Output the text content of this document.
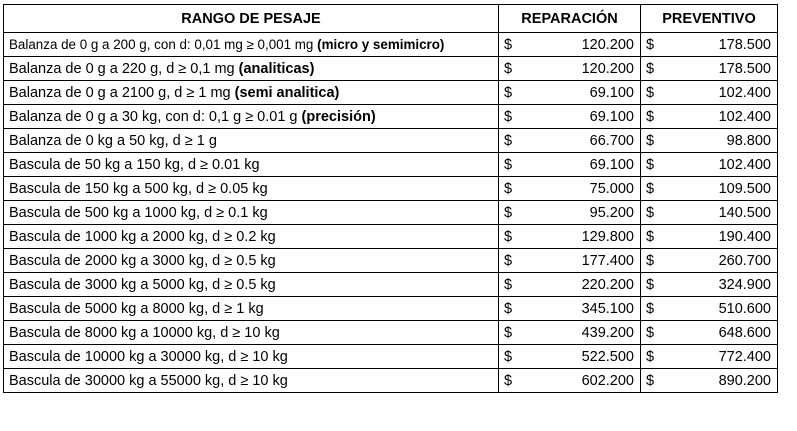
RANGO DE PESAJE	REPARACIÓN	PREVENTIVO
Balanza de 0 g a 200 g, con d: 0,01 mg ≥ 0,001 mg (micro y semimicro)	$ 120.200	$ 178.500

Balanza de 0 g a 220 g, d ≥ 0,1 mg (analiticas)	$ 120.200	$ 178.500

Balanza de 0 g a 2100 g, d ≥ 1 mg (semi analitica)	$ 69.100	$ 102.400

Balanza de 0 g a 30 kg, con d: 0,1 g ≥ 0.01 g (precisión)	$ 69.100	$ 102.400

Balanza de 0 kg a 50 kg, d ≥ 1 g	$ 66.700	$ 98.800

Bascula de 50 kg a 150 kg, d ≥ 0.01 kg	$ 69.100	$ 102.400

Bascula de 150 kg a 500 kg, d ≥ 0.05 kg	$ 75.000	$ 109.500

Bascula de 500 kg a 1000 kg, d ≥ 0.1 kg	$ 95.200	$ 140.500

Bascula de 1000 kg a 2000 kg, d ≥ 0.2 kg	$ 129.800	$ 190.400

Bascula de 2000 kg a 3000 kg, d ≥ 0.5 kg	$ 177.400	$ 260.700

Bascula de 3000 kg a 5000 kg, d ≥ 0.5 kg	$ 220.200	$ 324.900

Bascula de 5000 kg a 8000 kg, d ≥ 1 kg	$ 345.100	$ 510.600

Bascula de 8000 kg a 10000 kg, d ≥ 10 kg	$ 439.200	$ 648.600

Bascula de 10000 kg a 30000 kg, d ≥ 10 kg	$ 522.500	$ 772.400

Bascula de 30000 kg a 55000 kg, d ≥ 10 kg	$ 602.200	$ 890.200
